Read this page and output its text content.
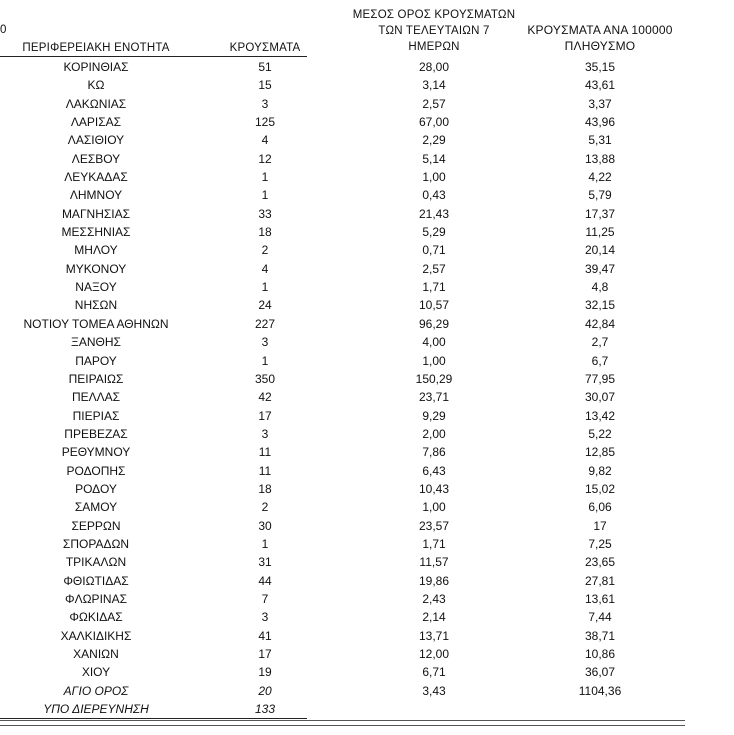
0
ΠΕΡΙΦΕΡΕΙΑΚΗ ΕΝΟΤΗΤΑ	ΚΡΟΥΣΜΑΤΑ
ΜΕΣΟΣ ΟΡΟΣ ΚΡΟΥΣΜΑΤΩΝ
ΤΩΝ ΤΕΛΕΥΤΑΙΩΝ 7
ΗΜΕΡΩΝ
ΚΡΟΥΣΜΑΤΑ ΑΝΑ 100000
ΠΛΗΘΥΣΜΟ
ΚΟΡΙΝΘΙΑΣ	51	28,00	35,15
ΚΩ	15	3,14	43,61
ΛΑΚΩΝΙΑΣ	3	2,57	3,37
ΛΑΡΙΣΑΣ	125	67,00	43,96
ΛΑΣΙΘΙΟΥ	4	2,29	5,31
ΛΕΣΒΟΥ	12	5,14	13,88
ΛΕΥΚΑΔΑΣ	1	1,00	4,22
ΛΗΜΝΟΥ	1	0,43	5,79
ΜΑΓΝΗΣΙΑΣ	33	21,43	17,37
ΜΕΣΣΗΝΙΑΣ	18	5,29	11,25
ΜΗΛΟΥ	2	0,71	20,14
ΜΥΚΟΝΟΥ	4	2,57	39,47
ΝΑΞΟΥ	1	1,71	4,8
ΝΗΣΩΝ	24	10,57	32,15
ΝΟΤΙΟΥ ΤΟΜΕΑ ΑΘΗΝΩΝ	227	96,29	42,84
ΞΑΝΘΗΣ	3	4,00	2,7
ΠΑΡΟΥ	1	1,00	6,7
ΠΕΙΡΑΙΩΣ	350	150,29	77,95
ΠΕΛΛΑΣ	42	23,71	30,07
ΠΙΕΡΙΑΣ	17	9,29	13,42
ΠΡΕΒΕΖΑΣ	3	2,00	5,22
ΡΕΘΥΜΝΟΥ	11	7,86	12,85
ΡΟΔΟΠΗΣ	11	6,43	9,82
ΡΟΔΟΥ	18	10,43	15,02
ΣΑΜΟΥ	2	1,00	6,06
ΣΕΡΡΩΝ	30	23,57	17
ΣΠΟΡΑΔΩΝ	1	1,71	7,25
ΤΡΙΚΑΛΩΝ	31	11,57	23,65
ΦΘΙΩΤΙΔΑΣ	44	19,86	27,81
ΦΛΩΡΙΝΑΣ	7	2,43	13,61
ΦΩΚΙΔΑΣ	3	2,14	7,44
ΧΑΛΚΙΔΙΚΗΣ	41	13,71	38,71
ΧΑΝΙΩΝ	17	12,00	10,86
ΧΙΟΥ	19	6,71	36,07
ΑΓΙΟ ΟΡΟΣ	20	3,43	1104,36
ΥΠΟ ΔΙΕΡΕΥΝΗΣΗ	133
